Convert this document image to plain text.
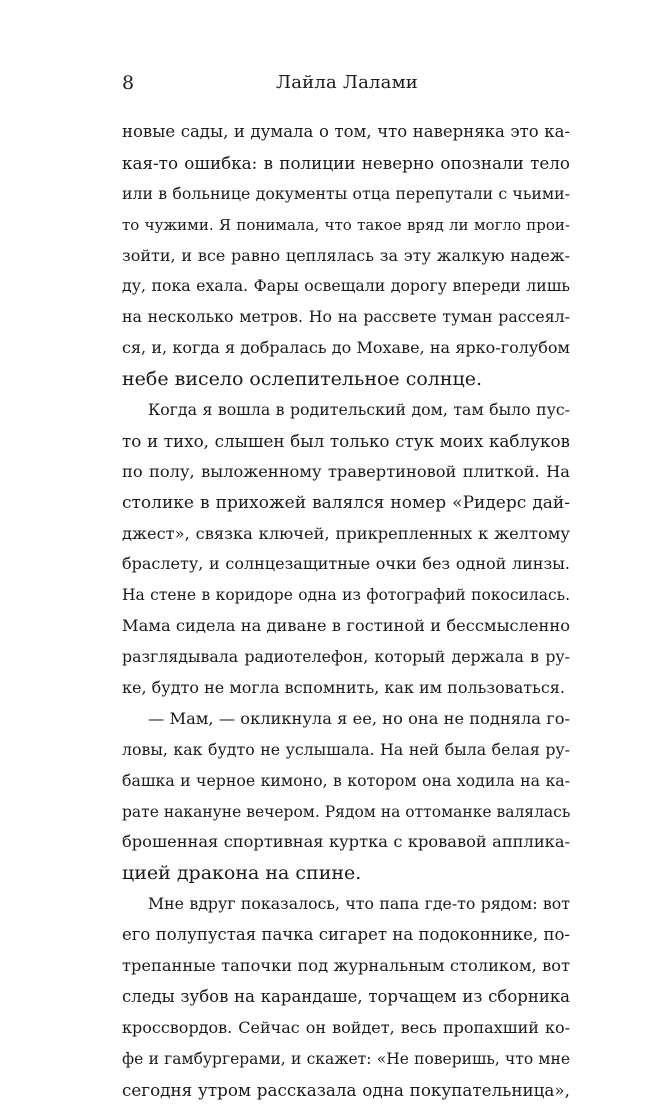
8	Лайла Лалами
новые сады, и думала о том, что наверняка это ка-
кая-то ошибка: в полиции неверно опознали тело
или в больнице документы отца перепутали с чьими-
то чужими. Я понимала, что такое вряд ли могло прои-
зойти, и все равно цеплялась за эту жалкую надеж-
ду, пока ехала. Фары освещали дорогу впереди лишь
на несколько метров. Но на рассвете туман рассеял-
ся, и, когда я добралась до Мохаве, на ярко-голубом
небе висело ослепительное солнце.
Когда я вошла в родительский дом, там было пус-
то и тихо, слышен был только стук моих каблуков
по полу, выложенному травертиновой плиткой. На
столике в прихожей валялся номер «Ридерс дай-
джест», связка ключей, прикрепленных к желтому
браслету, и солнцезащитные очки без одной линзы.
На стене в коридоре одна из фотографий покосилась.
Мама сидела на диване в гостиной и бессмысленно
разглядывала радиотелефон, который держала в ру-
ке, будто не могла вспомнить, как им пользоваться.
— Мам, — окликнула я ее, но она не подняла го-
ловы, как будто не услышала. На ней была белая ру-
башка и черное кимоно, в котором она ходила на ка-
рате накануне вечером. Рядом на оттоманке валялась
брошенная спортивная куртка с кровавой апплика-
цией дракона на спине.
Мне вдруг показалось, что папа где-то рядом: вот
его полупустая пачка сигарет на подоконнике, по-
трепанные тапочки под журнальным столиком, вот
следы зубов на карандаше, торчащем из сборника
кроссвордов. Сейчас он войдет, весь пропахший ко-
фе и гамбургерами, и скажет: «Не поверишь, что мне
сегодня утром рассказала одна покупательница»,
